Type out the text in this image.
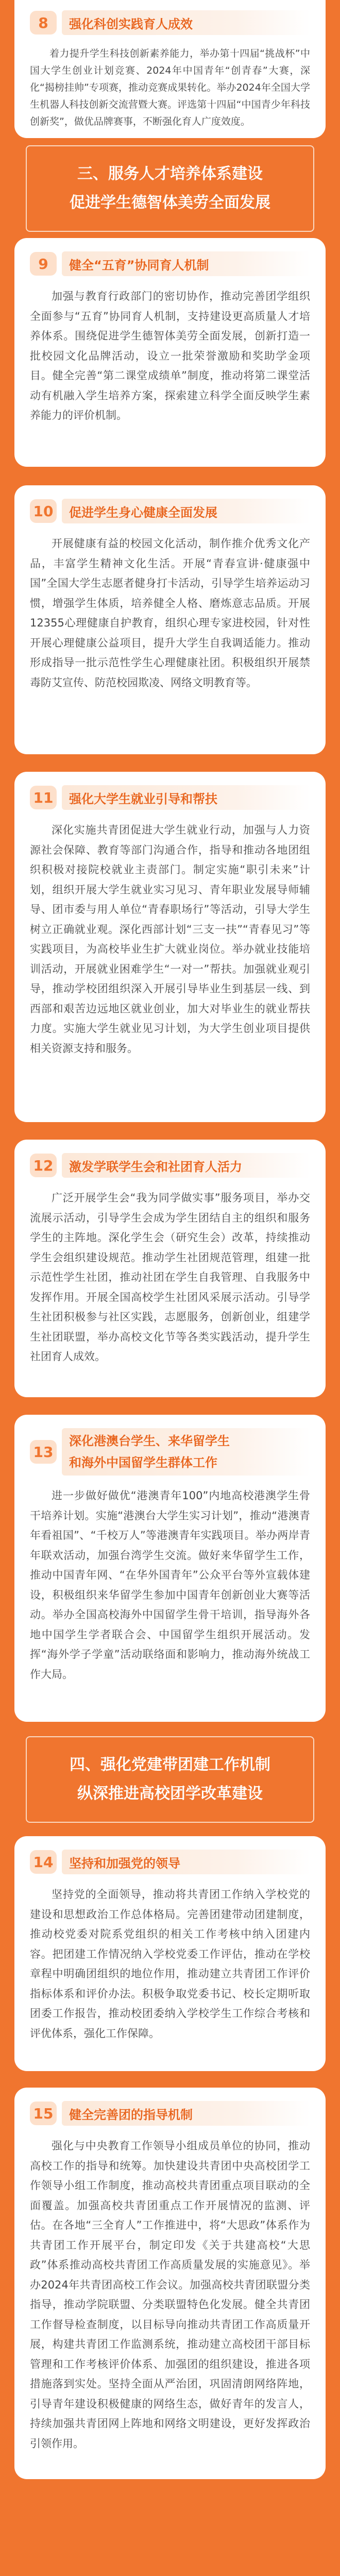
8	强化科创实践育人成效

着力提升学生科技创新素养能力，举办第十四届“挑战杯”中国大学生创业计划竞赛、2024年中国青年“创青春”大赛，深化“揭榜挂帅”专项赛，推动竞赛成果转化。举办2024年全国大学生机器人科技创新交流营暨大赛。评选第十四届“中国青少年科技创新奖”，做优品牌赛事，不断强化育人广度效度。

三、服务人才培养体系建设
促进学生德智体美劳全面发展
9	健全“五育”协同育人机制

加强与教育行政部门的密切协作，推动完善团学组织全面参与“五育”协同育人机制，支持建设更高质量人才培养体系。围绕促进学生德智体美劳全面发展，创新打造一批校园文化品牌活动，设立一批荣誉激励和奖助学金项目。健全完善“第二课堂成绩单”制度，推动将第二课堂活动有机融入学生培养方案，探索建立科学全面反映学生素养能力的评价机制。

10	促进学生身心健康全面发展

开展健康有益的校园文化活动，制作推介优秀文化产品，丰富学生精神文化生活。开展“青春宣讲·健康强中国”全国大学生志愿者健身打卡活动，引导学生培养运动习惯，增强学生体质，培养健全人格、磨炼意志品质。开展12355心理健康自护教育，组织心理专家进校园，针对性开展心理健康公益项目，提升大学生自我调适能力。推动形成指导一批示范性学生心理健康社团。积极组织开展禁毒防艾宣传、防范校园欺凌、网络文明教育等。

11	强化大学生就业引导和帮扶

深化实施共青团促进大学生就业行动，加强与人力资源社会保障、教育等部门沟通合作，指导和推动各地团组织积极对接院校就业主责部门。制定实施“职引未来”计划，组织开展大学生就业实习见习、青年职业发展导师辅导、团市委与用人单位“青春职场行”等活动，引导大学生树立正确就业观。深化西部计划“三支一扶”“青春见习”等实践项目，为高校毕业生扩大就业岗位。举办就业技能培训活动，开展就业困难学生“一对一”帮扶。加强就业观引导，推动学校团组织深入开展引导毕业生到基层一线、到西部和艰苦边远地区就业创业，加大对毕业生的就业帮扶力度。实施大学生就业见习计划，为大学生创业项目提供相关资源支持和服务。

12	激发学联学生会和社团育人活力

广泛开展学生会“我为同学做实事”服务项目，举办交流展示活动，引导学生会成为学生团结自主的组织和服务学生的主阵地。深化学生会（研究生会）改革，持续推动学生会组织建设规范。推动学生社团规范管理，组建一批示范性学生社团，推动社团在学生自我管理、自我服务中发挥作用。开展全国高校学生社团风采展示活动。引导学生社团积极参与社区实践，志愿服务，创新创业，组建学生社团联盟，举办高校文化节等各类实践活动，提升学生社团育人成效。

13
深化港澳台学生、来华留学生
和海外中国留学生群体工作

进一步做好做优“港澳青年100”内地高校港澳学生骨干培养计划。实施“港澳台大学生实习计划”，推动“港澳青年看祖国”、“千校万人”等港澳青年实践项目。举办两岸青年联欢活动，加强台湾学生交流。做好来华留学生工作，推动中国青年网、“在华外国青年”公众平台等外宣载体建设，积极组织来华留学生参加中国青年创新创业大赛等活动。举办全国高校海外中国留学生骨干培训，指导海外各地中国学生学者联合会、中国留学生组织开展活动。发挥“海外学子学童”活动联络面和影响力，推动海外统战工作大局。

四、强化党建带团建工作机制
纵深推进高校团学改革建设
14	坚持和加强党的领导

坚持党的全面领导，推动将共青团工作纳入学校党的建设和思想政治工作总体格局。完善团建带动团建制度，推动校党委对院系党组织的相关工作考核中纳入团建内容。把团建工作情况纳入学校党委工作评估，推动在学校章程中明确团组织的地位作用，推动建立共青团工作评价指标体系和评价办法。积极争取党委书记、校长定期听取团委工作报告，推动校团委纳入学校学生工作综合考核和评优体系，强化工作保障。

15	健全完善团的指导机制

强化与中央教育工作领导小组成员单位的协同，推动高校工作的指导和统筹。加快建设共青团中央高校团学工作领导小组工作制度，推动高校共青团重点项目联动的全面覆盖。加强高校共青团重点工作开展情况的监测、评估。在各地“三全育人”工作推进中，将“大思政”体系作为共青团工作开展平台，制定印发《关于共建高校“大思政”体系推动高校共青团工作高质量发展的实施意见》。举办2024年共青团高校工作会议。加强高校共青团联盟分类指导，推动学院联盟、分类联盟特色化发展。健全共青团工作督导检查制度，以目标导向推动共青团工作高质量开展，构建共青团工作监测系统，推动建立高校团干部目标管理和工作考核评价体系、加强团的组织建设，推进各项措施落到实处。坚持全面从严治团，巩固清朗网络阵地，引导青年建设积极健康的网络生态，做好青年的发言人，持续加强共青团网上阵地和网络文明建设，更好发挥政治引领作用。
